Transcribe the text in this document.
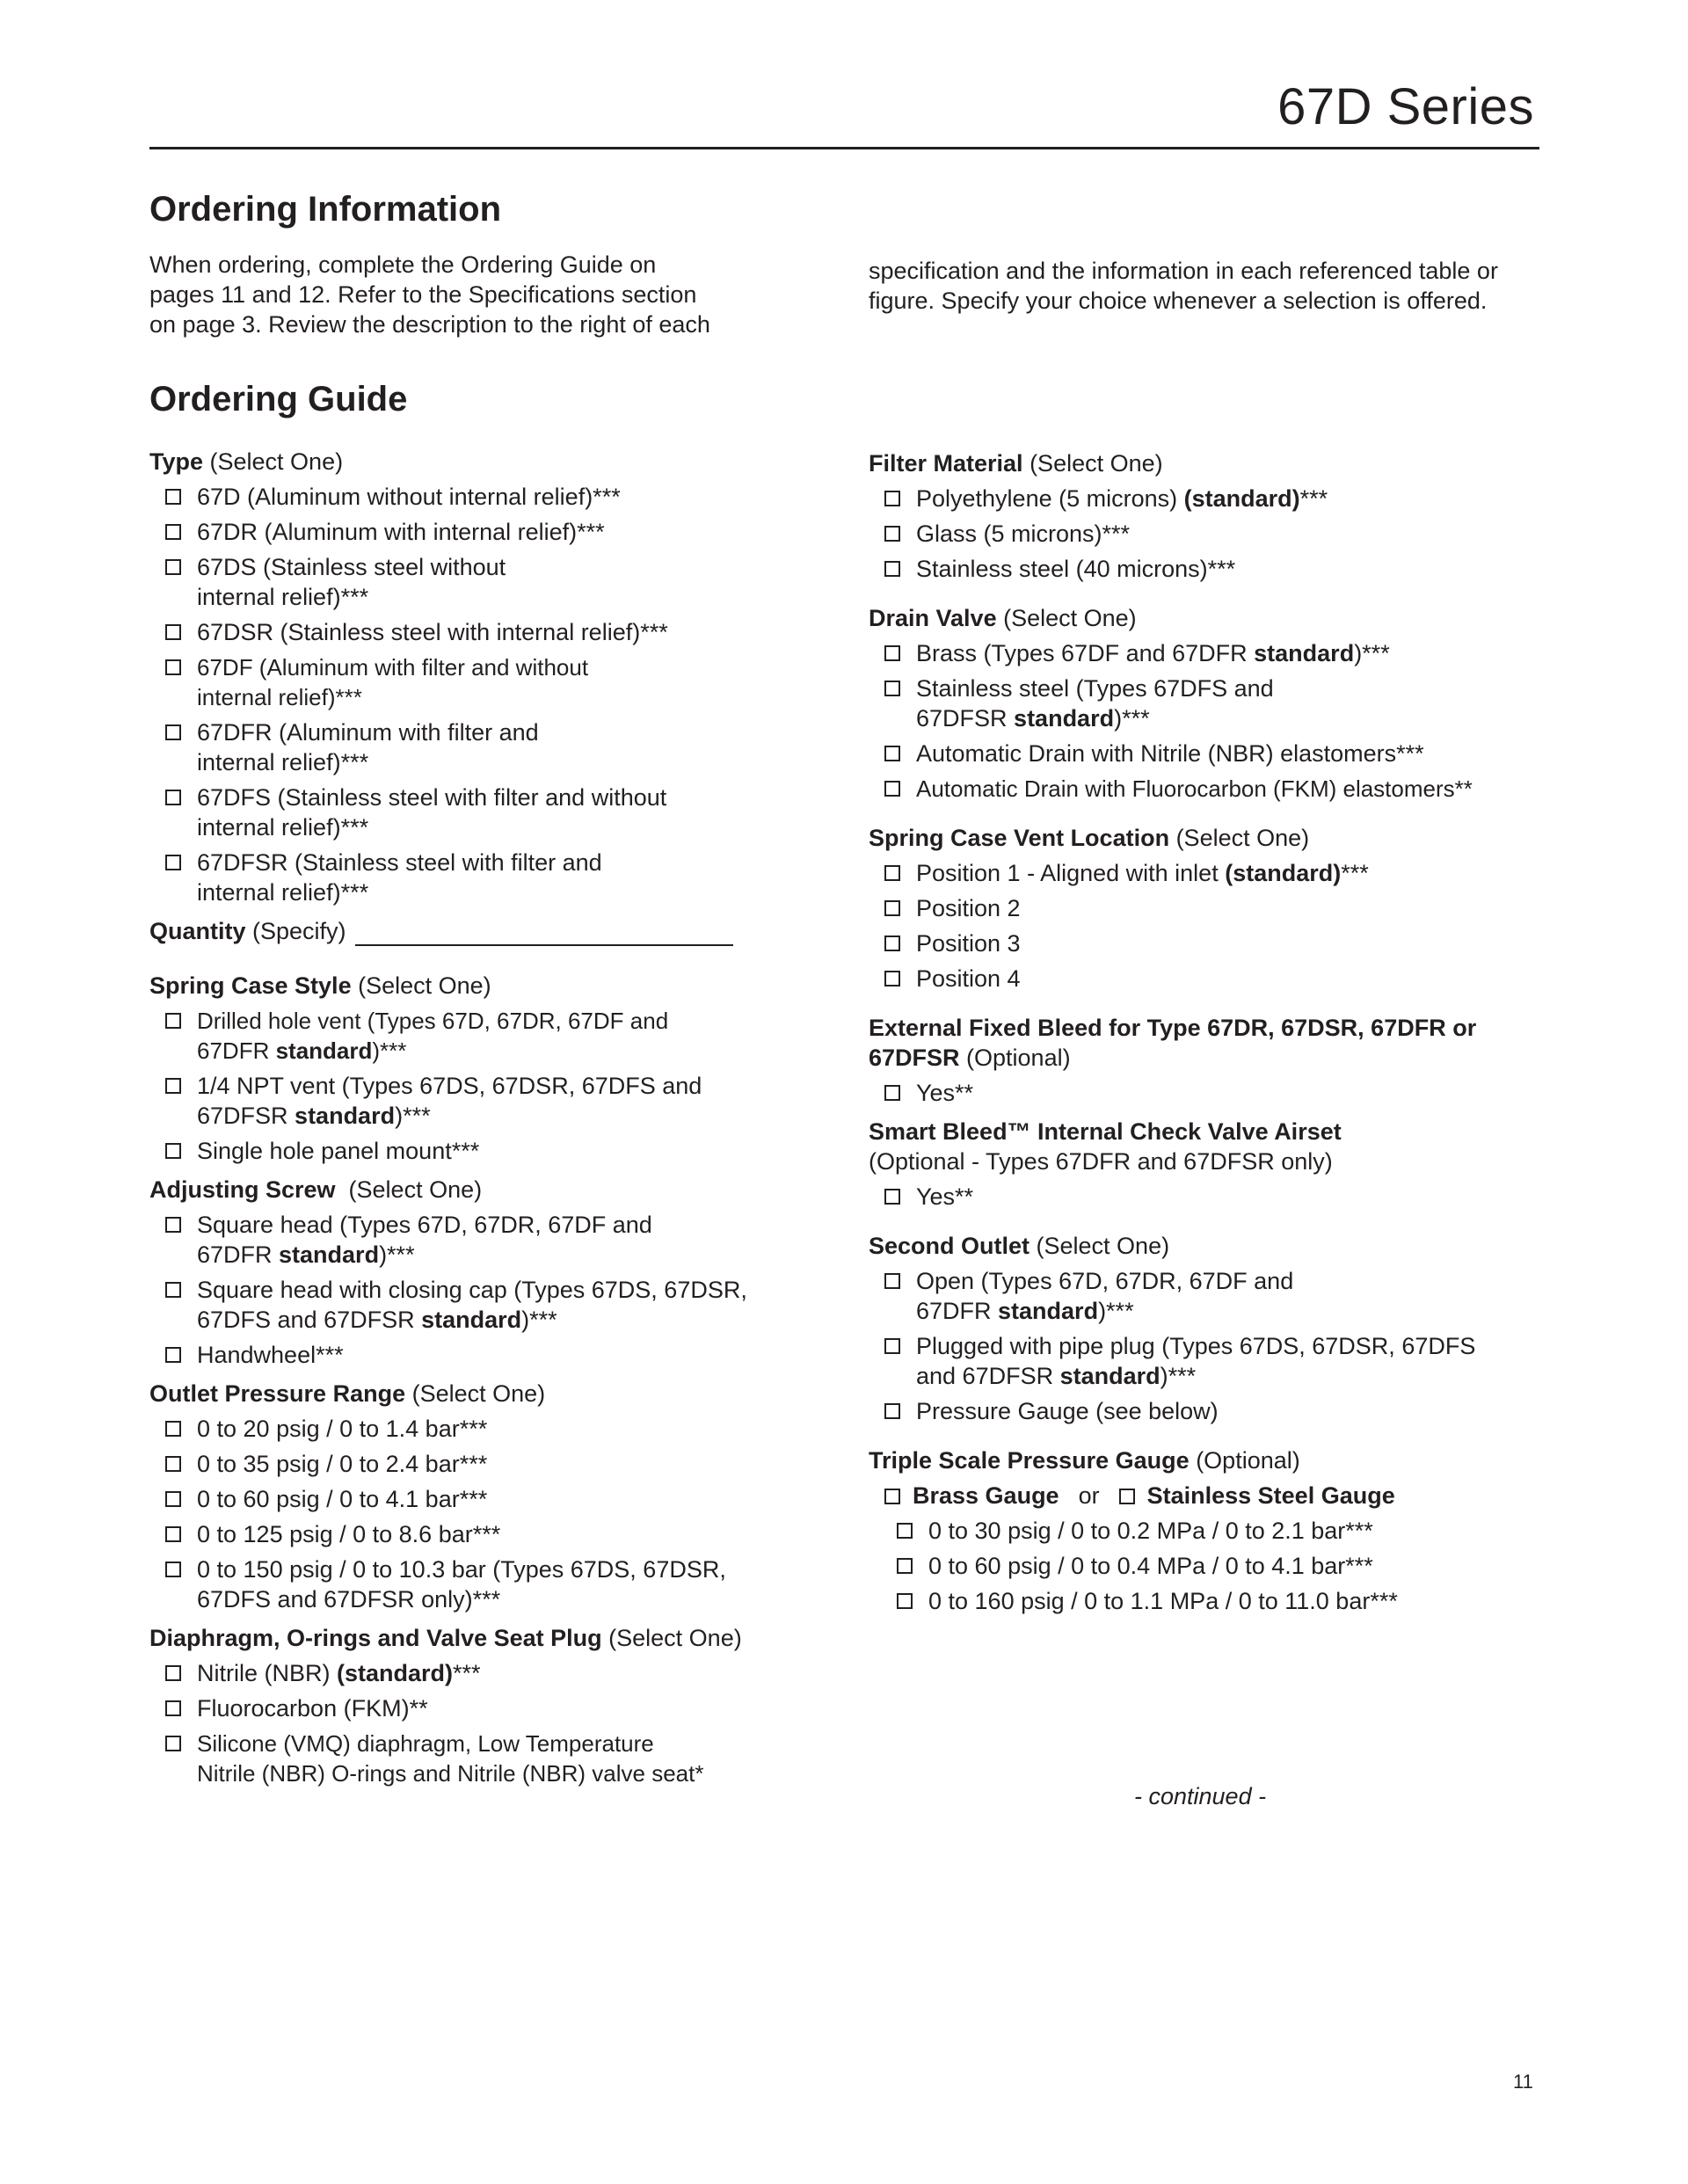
67D Series
Ordering Information
When ordering, complete the Ordering Guide on
pages 11 and 12. Refer to the Specifications section
on page 3. Review the description to the right of each
specification and the information in each referenced table or
figure. Specify your choice whenever a selection is offered.
Ordering Guide

Type (Select One)

67D (Aluminum without internal relief)***
67DR (Aluminum with internal relief)***
67DS (Stainless steel without
internal relief)***
67DSR (Stainless steel with internal relief)***
67DF (Aluminum with filter and without
internal relief)***
67DFR (Aluminum with filter and
internal relief)***
67DFS (Stainless steel with filter and without
internal relief)***
67DFSR (Stainless steel with filter and
internal relief)***

Quantity (Specify)

Spring Case Style (Select One)

Drilled hole vent (Types 67D, 67DR, 67DF and
67DFR standard)***
1/4 NPT vent (Types 67DS, 67DSR, 67DFS and
67DFSR standard)***
Single hole panel mount***

Adjusting Screw  (Select One)

Square head (Types 67D, 67DR, 67DF and
67DFR standard)***
Square head with closing cap (Types 67DS, 67DSR,
67DFS and 67DFSR standard)***
Handwheel***

Outlet Pressure Range (Select One)

0 to 20 psig / 0 to 1.4 bar***
0 to 35 psig / 0 to 2.4 bar***
0 to 60 psig / 0 to 4.1 bar***
0 to 125 psig / 0 to 8.6 bar***
0 to 150 psig / 0 to 10.3 bar (Types 67DS, 67DSR,
67DFS and 67DFSR only)***

Diaphragm, O-rings and Valve Seat Plug (Select One)

Nitrile (NBR) (standard)***
Fluorocarbon (FKM)**
Silicone (VMQ) diaphragm, Low Temperature
Nitrile (NBR) O-rings and Nitrile (NBR) valve seat*

Filter Material (Select One)

Polyethylene (5 microns) (standard)***
Glass (5 microns)***
Stainless steel (40 microns)***

Drain Valve (Select One)

Brass (Types 67DF and 67DFR standard)***
Stainless steel (Types 67DFS and
67DFSR standard)***
Automatic Drain with Nitrile (NBR) elastomers***
Automatic Drain with Fluorocarbon (FKM) elastomers**

Spring Case Vent Location (Select One)

Position 1 - Aligned with inlet (standard)***
Position 2
Position 3
Position 4

External Fixed Bleed for Type 67DR, 67DSR, 67DFR or
67DFSR (Optional)

Yes**

Smart Bleed™ Internal Check Valve Airset
(Optional - Types 67DFR and 67DFSR only)

Yes**

Second Outlet (Select One)

Open (Types 67D, 67DR, 67DF and
67DFR standard)***
Plugged with pipe plug (Types 67DS, 67DSR, 67DFS
and 67DFSR standard)***
Pressure Gauge (see below)

Triple Scale Pressure Gauge (Optional)

Brass Gauge or Stainless Steel Gauge
0 to 30 psig / 0 to 0.2 MPa / 0 to 2.1 bar***
0 to 60 psig / 0 to 0.4 MPa / 0 to 4.1 bar***
0 to 160 psig / 0 to 1.1 MPa / 0 to 11.0 bar***
- continued -
11
